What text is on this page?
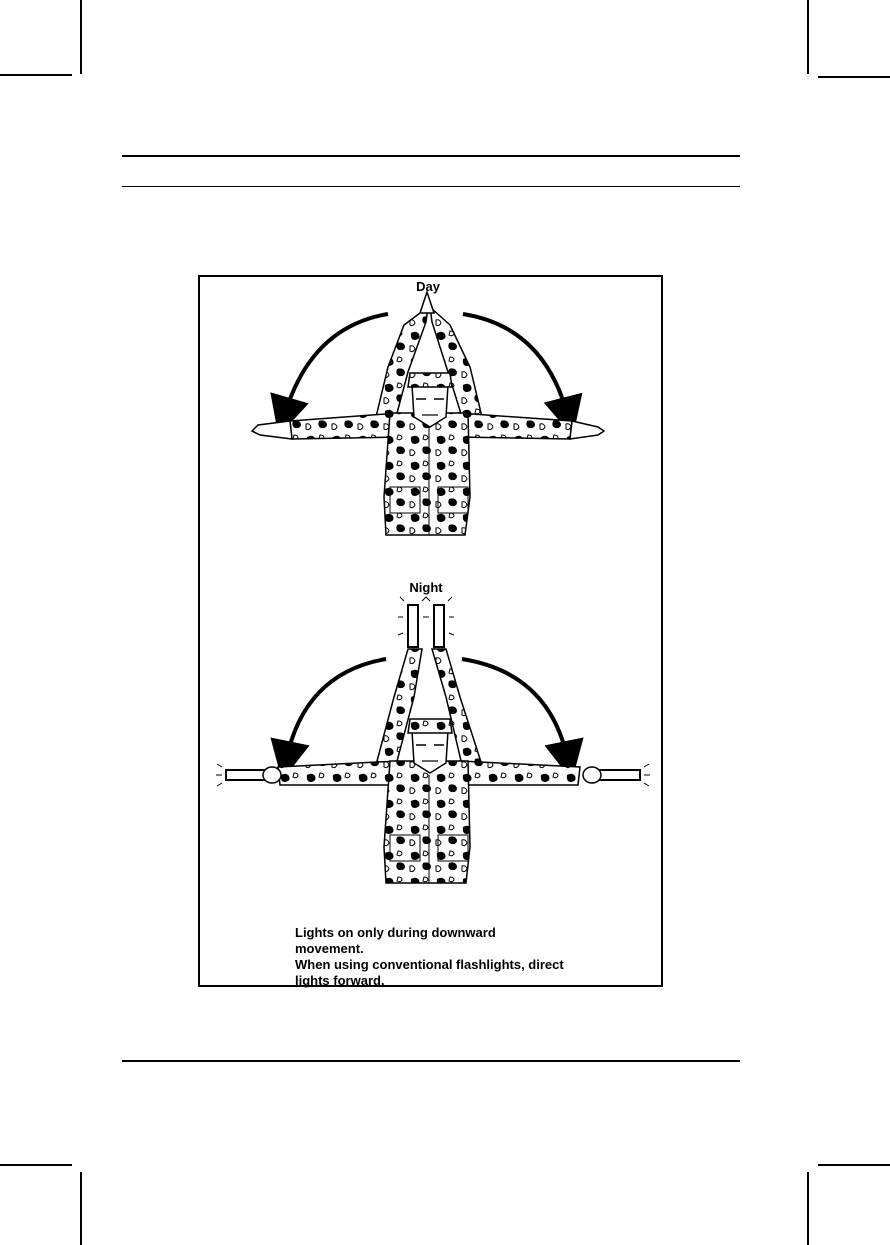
Day
Night
Lights on only during downward
movement.
When using conventional flashlights, direct
lights forward.
